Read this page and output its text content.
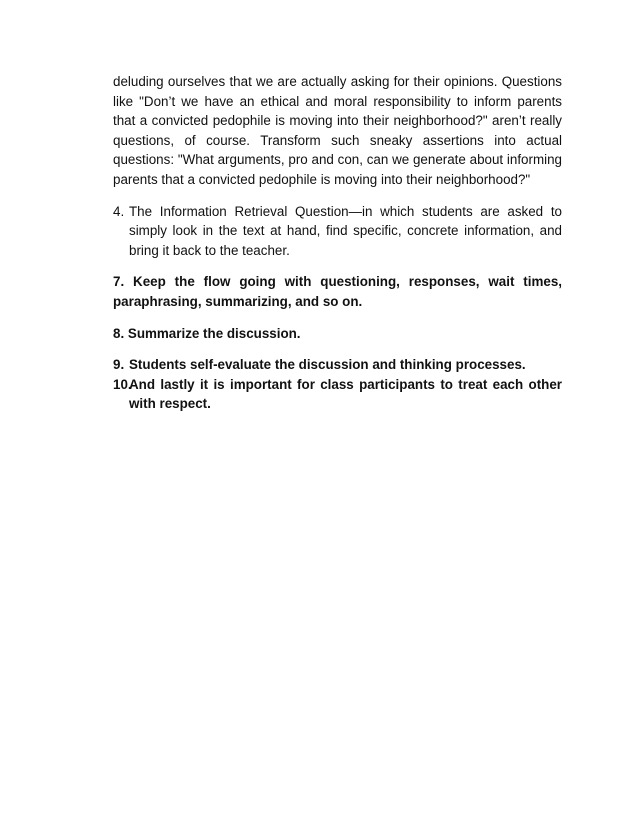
deluding ourselves that we are actually asking for their opinions. Questions like "Don’t we have an ethical and moral responsibility to inform parents that a convicted pedophile is moving into their neighborhood?" aren’t really questions, of course. Transform such sneaky assertions into actual questions: "What arguments, pro and con, can we generate about informing parents that a convicted pedophile is moving into their neighborhood?"

4. The Information Retrieval Question—in which students are asked to simply look in the text at hand, find specific, concrete information, and bring it back to the teacher.
7. Keep the flow going with questioning, responses, wait times, paraphrasing, summarizing, and so on.
8. Summarize the discussion.
9. Students self-evaluate the discussion and thinking processes.
10.
And lastly it is important for class participants to treat each other with respect.
